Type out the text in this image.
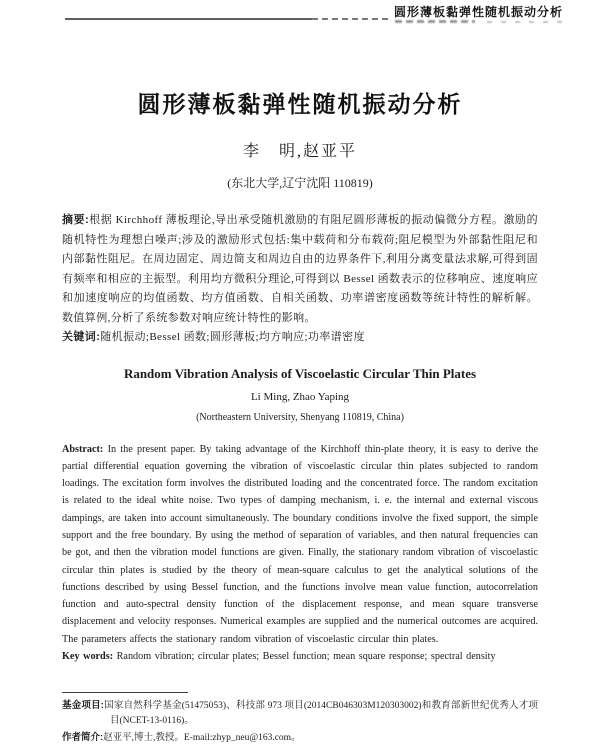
圆形薄板黏弹性随机振动分析
圆形薄板黏弹性随机振动分析
李　明,赵亚平
(东北大学,辽宁沈阳 110819)

摘要:根据 Kirchhoff 薄板理论,导出承受随机激励的有阻尼圆形薄板的振动偏微分方程。激励的随机特性为理想白噪声;涉及的激励形式包括:集中载荷和分布载荷;阻尼模型为外部黏性阻尼和内部黏性阻尼。在周边固定、周边简支和周边自由的边界条件下,利用分离变量法求解,可得到固有频率和相应的主振型。利用均方微积分理论,可得到以 Bessel 函数表示的位移响应、速度响应和加速度响应的均值函数、均方值函数、自相关函数、功率谱密度函数等统计特性的解析解。数值算例,分析了系统参数对响应统计特性的影响。

关键词:随机振动;Bessel 函数;圆形薄板;均方响应;功率谱密度

Random Vibration Analysis of Viscoelastic Circular Thin Plates
Li Ming, Zhao Yaping
(Northeastern University, Shenyang 110819, China)

Abstract: In the present paper. By taking advantage of the Kirchhoff thin-plate theory, it is easy to derive the partial differential equation governing the vibration of viscoelastic circular thin plates subjected to random loadings. The excitation form involves the distributed loading and the concentrated force. The random excitation is related to the ideal white noise. Two types of damping mechanism, i. e. the internal and external viscous dampings, are taken into account simultaneously. The boundary conditions involve the fixed support, the simple support and the free boundary. By using the method of separation of variables, and then natural frequencies can be got, and then the vibration model functions are given. Finally, the stationary random vibration of viscoelastic circular thin plates is studied by the theory of mean-square calculus to get the analytical solutions of the functions described by using Bessel function, and the functions involve mean value function, autocorrelation function and auto-spectral density function of the displacement response, and mean square transverse displacement and velocity responses. Numerical examples are supplied and the numerical outcomes are acquired. The parameters affects the stationary random vibration of viscoelastic circular thin plates.

Key words: Random vibration; circular plates; Bessel function; mean square response; spectral density

基金项目:国家自然科学基金(51475053)、科技部 973 项目(2014CB046303M120303002)和教育部新世纪优秀人才项目(NCET-13-0116)。

作者简介:赵亚平,博士,教授。E-mail:zhyp_neu@163.com。
